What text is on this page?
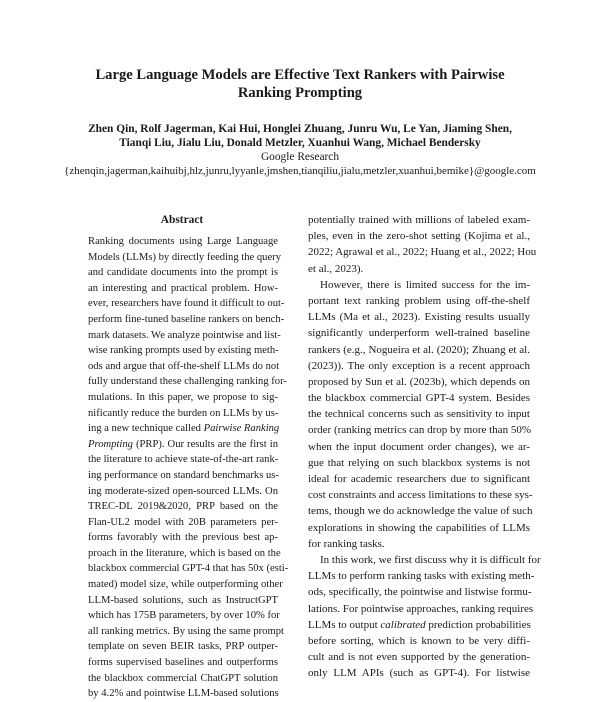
Large Language Models are Effective Text Rankers with Pairwise
Ranking Prompting
Zhen Qin, Rolf Jagerman, Kai Hui, Honglei Zhuang, Junru Wu, Le Yan, Jiaming Shen,
Tianqi Liu, Jialu Liu, Donald Metzler, Xuanhui Wang, Michael Bendersky
Google Research
{zhenqin,jagerman,kaihuibj,hlz,junru,lyyanle,jmshen,tianqiliu,jialu,metzler,xuanhui,bemike}@google.com
Abstract
Ranking documents using Large Language
Models (LLMs) by directly feeding the query
and candidate documents into the prompt is
an interesting and practical problem. How-
ever, researchers have found it difficult to out-
perform fine-tuned baseline rankers on bench-
mark datasets. We analyze pointwise and list-
wise ranking prompts used by existing meth-
ods and argue that off-the-shelf LLMs do not
fully understand these challenging ranking for-
mulations. In this paper, we propose to sig-
nificantly reduce the burden on LLMs by us-
ing a new technique called Pairwise Ranking
Prompting (PRP). Our results are the first in
the literature to achieve state-of-the-art rank-
ing performance on standard benchmarks us-
ing moderate-sized open-sourced LLMs. On
TREC-DL 2019&2020, PRP based on the
Flan-UL2 model with 20B parameters per-
forms favorably with the previous best ap-
proach in the literature, which is based on the
blackbox commercial GPT-4 that has 50x (esti-
mated) model size, while outperforming other
LLM-based solutions, such as InstructGPT
which has 175B parameters, by over 10% for
all ranking metrics. By using the same prompt
template on seven BEIR tasks, PRP outper-
forms supervised baselines and outperforms
the blackbox commercial ChatGPT solution
by 4.2% and pointwise LLM-based solutions
potentially trained with millions of labeled exam-
ples, even in the zero-shot setting (Kojima et al.,
2022; Agrawal et al., 2022; Huang et al., 2022; Hou
et al., 2023).
However, there is limited success for the im-
portant text ranking problem using off-the-shelf
LLMs (Ma et al., 2023). Existing results usually
significantly underperform well-trained baseline
rankers (e.g., Nogueira et al. (2020); Zhuang et al.
(2023)). The only exception is a recent approach
proposed by Sun et al. (2023b), which depends on
the blackbox commercial GPT-4 system. Besides
the technical concerns such as sensitivity to input
order (ranking metrics can drop by more than 50%
when the input document order changes), we ar-
gue that relying on such blackbox systems is not
ideal for academic researchers due to significant
cost constraints and access limitations to these sys-
tems, though we do acknowledge the value of such
explorations in showing the capabilities of LLMs
for ranking tasks.
In this work, we first discuss why it is difficult for
LLMs to perform ranking tasks with existing meth-
ods, specifically, the pointwise and listwise formu-
lations. For pointwise approaches, ranking requires
LLMs to output calibrated prediction probabilities
before sorting, which is known to be very diffi-
cult and is not even supported by the generation-
only LLM APIs (such as GPT-4). For listwise
